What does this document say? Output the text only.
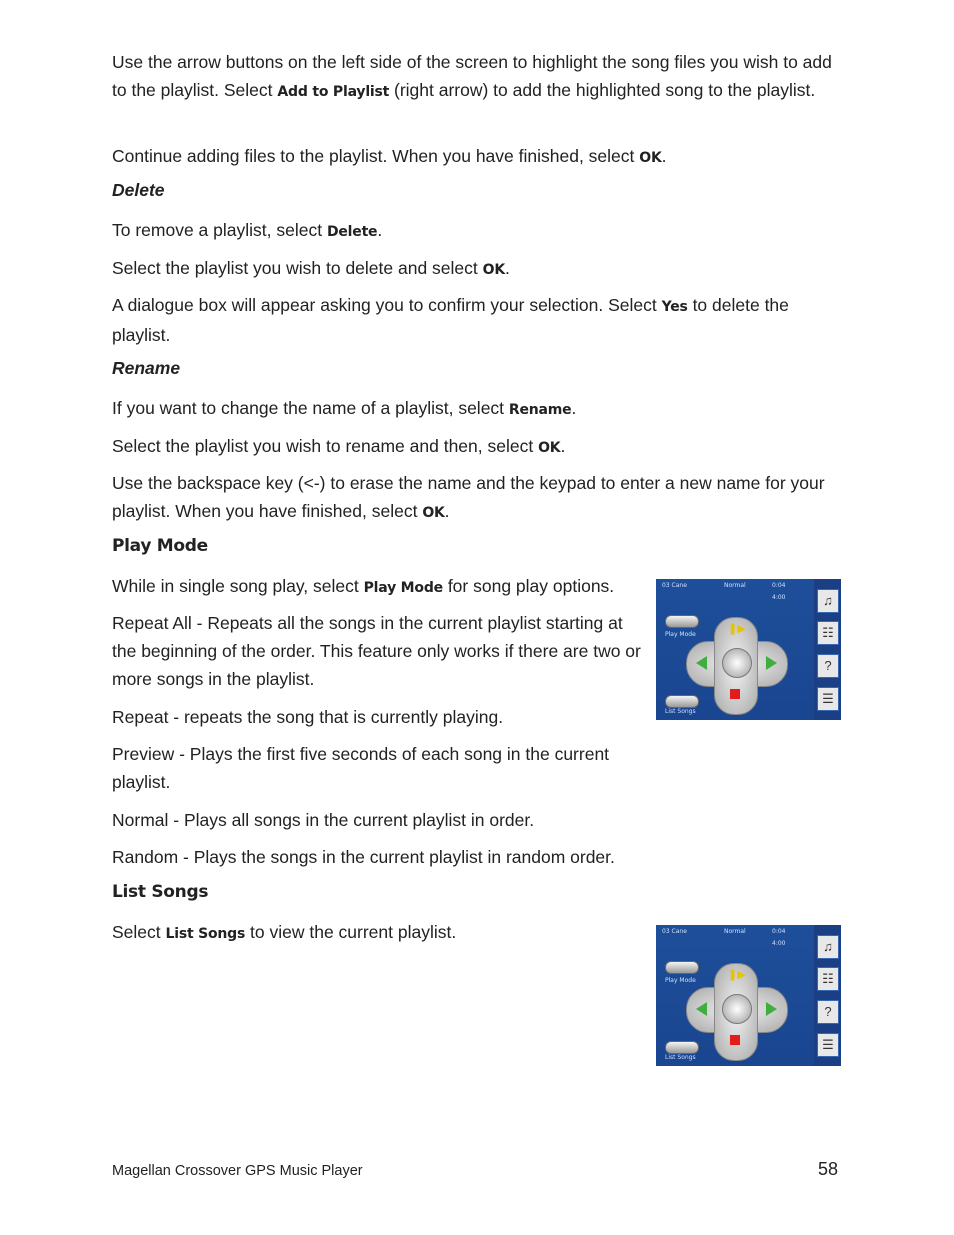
Use the arrow buttons on the left side of the screen to highlight the song files you wish to add to the playlist. Select Add to Playlist (right arrow) to add the highlighted song to the playlist.

Continue adding files to the playlist. When you have finished, select OK.

Delete

To remove a playlist, select Delete.

Select the playlist you wish to delete and select OK.

A dialogue box will appear asking you to confirm your selection. Select Yes to delete the playlist.

Rename

If you want to change the name of a playlist, select Rename.

Select the playlist you wish to rename and then, select OK.

Use the backspace key (<-) to erase the name and the keypad to enter a new name for your playlist. When you have finished, select OK.

Play Mode

While in single song play, select Play Mode for song play options.

Repeat All - Repeats all the songs in the current playlist starting at the beginning of the order. This feature only works if there are two or more songs in the playlist.

Repeat - repeats the song that is currently playing.

Preview - Plays the first five seconds of each song in the current playlist.

Normal - Plays all songs in the current playlist in order.

Random - Plays the songs in the current playlist in random order.

List Songs

Select List Songs to view the current playlist.

03 Cane	Normal	0:04
4:00
Play Mode
List Songs
❚▶
♫
☷
?
☰
03 Cane	Normal	0:04
4:00
Play Mode
List Songs
❚▶
♫
☷
?
☰

Magellan Crossover GPS Music Player	58
